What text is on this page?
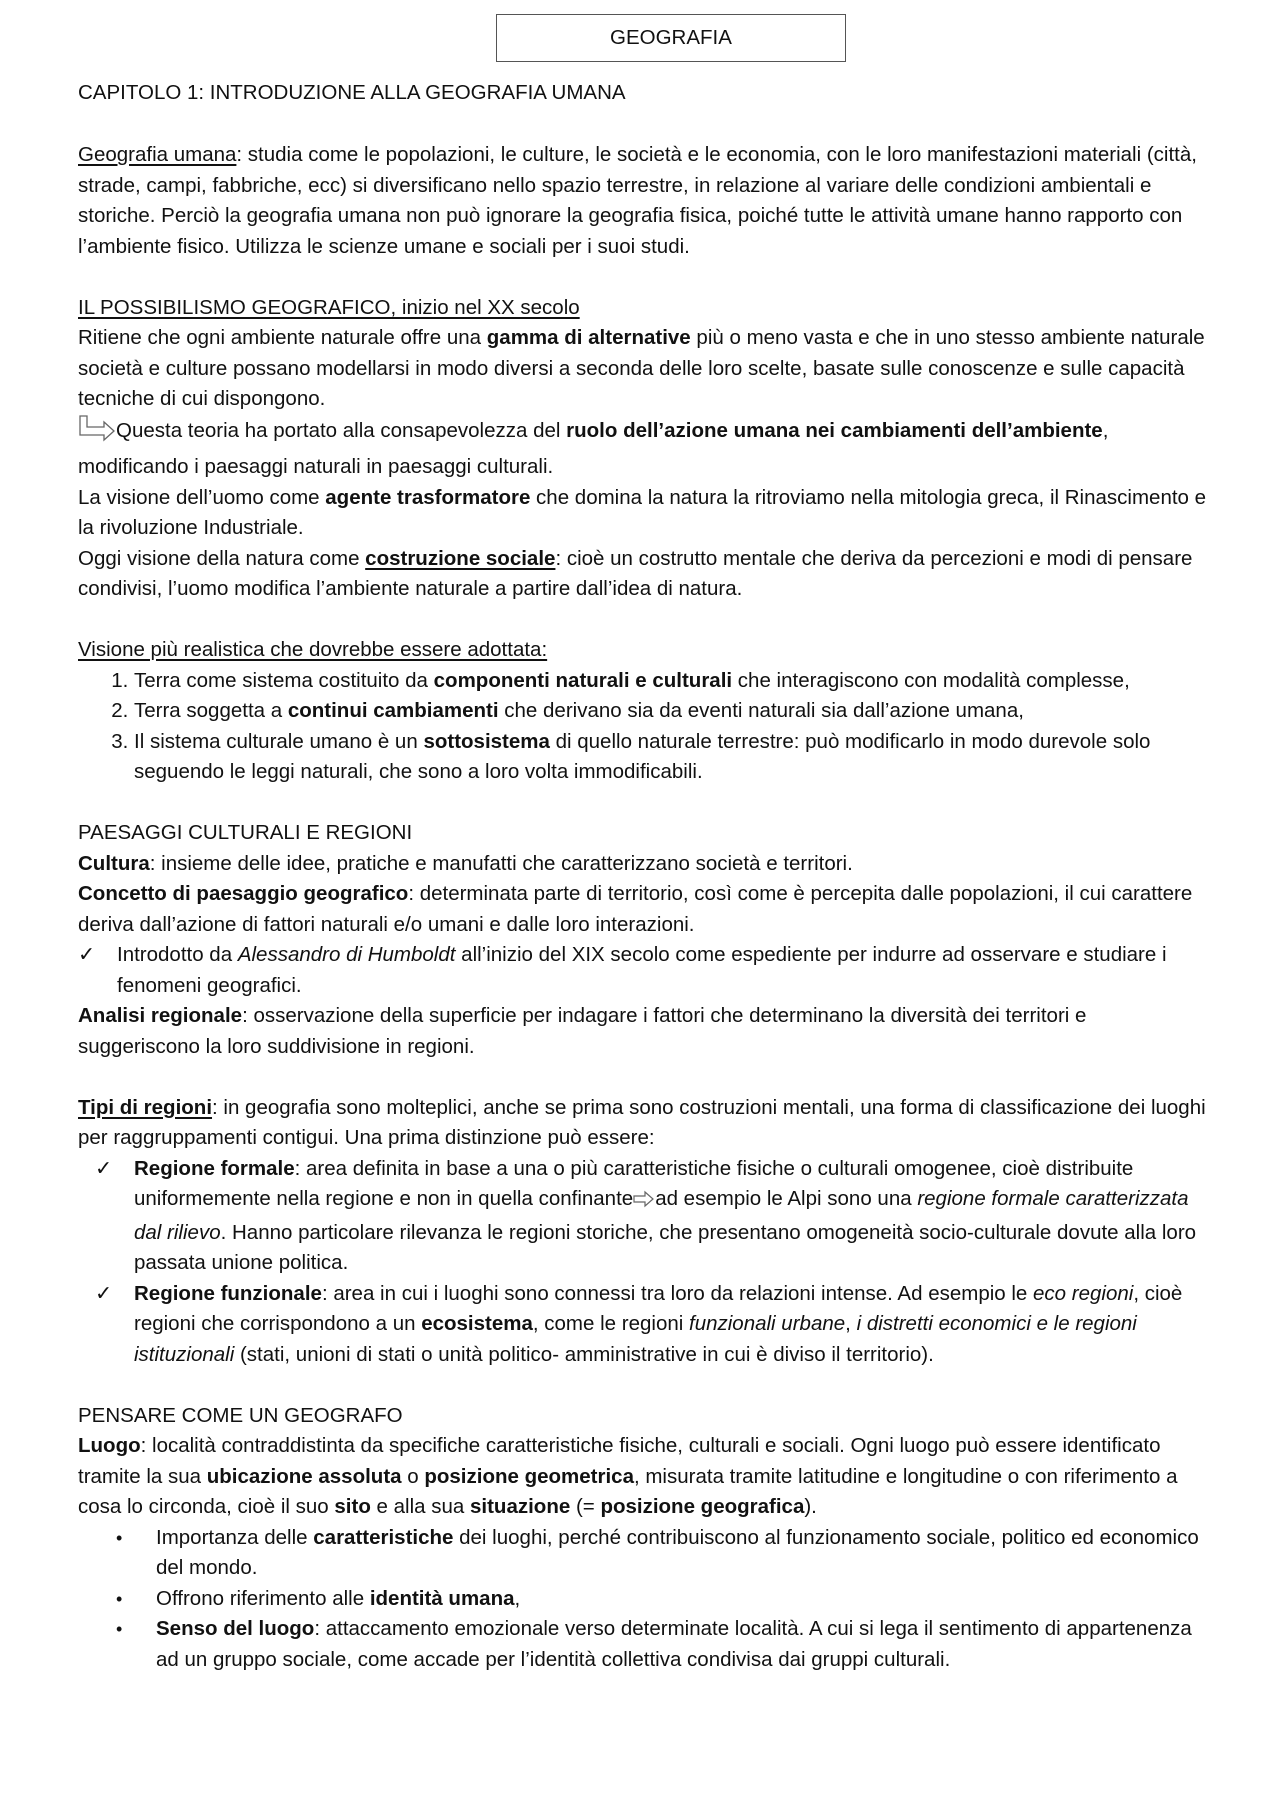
GEOGRAFIA
CAPITOLO 1: INTRODUZIONE ALLA GEOGRAFIA UMANA

Geografia umana: studia come le popolazioni, le culture, le società e le economia, con le loro manifestazioni materiali (città, strade, campi, fabbriche, ecc) si diversificano nello spazio terrestre, in relazione al variare delle condizioni ambientali e storiche. Perciò la geografia umana non può ignorare la geografia fisica, poiché tutte le attività umane hanno rapporto con l’ambiente fisico. Utilizza le scienze umane e sociali per i suoi studi.

IL POSSIBILISMO GEOGRAFICO, inizio nel XX secolo

Ritiene che ogni ambiente naturale offre una gamma di alternative più o meno vasta e che in uno stesso ambiente naturale società e culture possano modellarsi in modo diversi a seconda delle loro scelte, basate sulle conoscenze e sulle capacità tecniche di cui dispongono.

Questa teoria ha portato alla consapevolezza del ruolo dell’azione umana nei cambiamenti dell’ambiente, modificando i paesaggi naturali in paesaggi culturali.

La visione dell’uomo come agente trasformatore che domina la natura la ritroviamo nella mitologia greca, il Rinascimento e la rivoluzione Industriale.

Oggi visione della natura come costruzione sociale: cioè un costrutto mentale che deriva da percezioni e modi di pensare condivisi, l’uomo modifica l’ambiente naturale a partire dall’idea di natura.

Visione più realistica che dovrebbe essere adottata:

1. Terra come sistema costituito da componenti naturali e culturali che interagiscono con modalità complesse,
2. Terra soggetta a continui cambiamenti che derivano sia da eventi naturali sia dall’azione umana,
3. Il sistema culturale umano è un sottosistema di quello naturale terrestre: può modificarlo in modo durevole solo seguendo le leggi naturali, che sono a loro volta immodificabili.

PAESAGGI CULTURALI E REGIONI

Cultura: insieme delle idee, pratiche e manufatti che caratterizzano società e territori.

Concetto di paesaggio geografico: determinata parte di territorio, così come è percepita dalle popolazioni, il cui carattere deriva dall’azione di fattori naturali e/o umani e dalle loro interazioni.

✓	Introdotto da Alessandro di Humboldt all’inizio del XIX secolo come espediente per indurre ad osservare e studiare i fenomeni geografici.

Analisi regionale: osservazione della superficie per indagare i fattori che determinano la diversità dei territori e suggeriscono la loro suddivisione in regioni.

Tipi di regioni: in geografia sono molteplici, anche se prima sono costruzioni mentali, una forma di classificazione dei luoghi per raggruppamenti contigui. Una prima distinzione può essere:

✓	Regione formale: area definita in base a una o più caratteristiche fisiche o culturali omogenee, cioè distribuite uniformemente nella regione e non in quella confinante ad esempio le Alpi sono una regione formale caratterizzata dal rilievo. Hanno particolare rilevanza le regioni storiche, che presentano omogeneità socio-culturale dovute alla loro passata unione politica.
✓	Regione funzionale: area in cui i luoghi sono connessi tra loro da relazioni intense. Ad esempio le eco regioni, cioè regioni che corrispondono a un ecosistema, come le regioni funzionali urbane, i distretti economici e le regioni istituzionali (stati, unioni di stati o unità politico- amministrative in cui è diviso il territorio).

PENSARE COME UN GEOGRAFO

Luogo: località contraddistinta da specifiche caratteristiche fisiche, culturali e sociali. Ogni luogo può essere identificato tramite la sua ubicazione assoluta o posizione geometrica, misurata tramite latitudine e longitudine o con riferimento a cosa lo circonda, cioè il suo sito e alla sua situazione (= posizione geografica).

•	Importanza delle caratteristiche dei luoghi, perché contribuiscono al funzionamento sociale, politico ed economico del mondo.
•	Offrono riferimento alle identità umana,
•	Senso del luogo: attaccamento emozionale verso determinate località. A cui si lega il sentimento di appartenenza ad un gruppo sociale, come accade per l’identità collettiva condivisa dai gruppi culturali.
